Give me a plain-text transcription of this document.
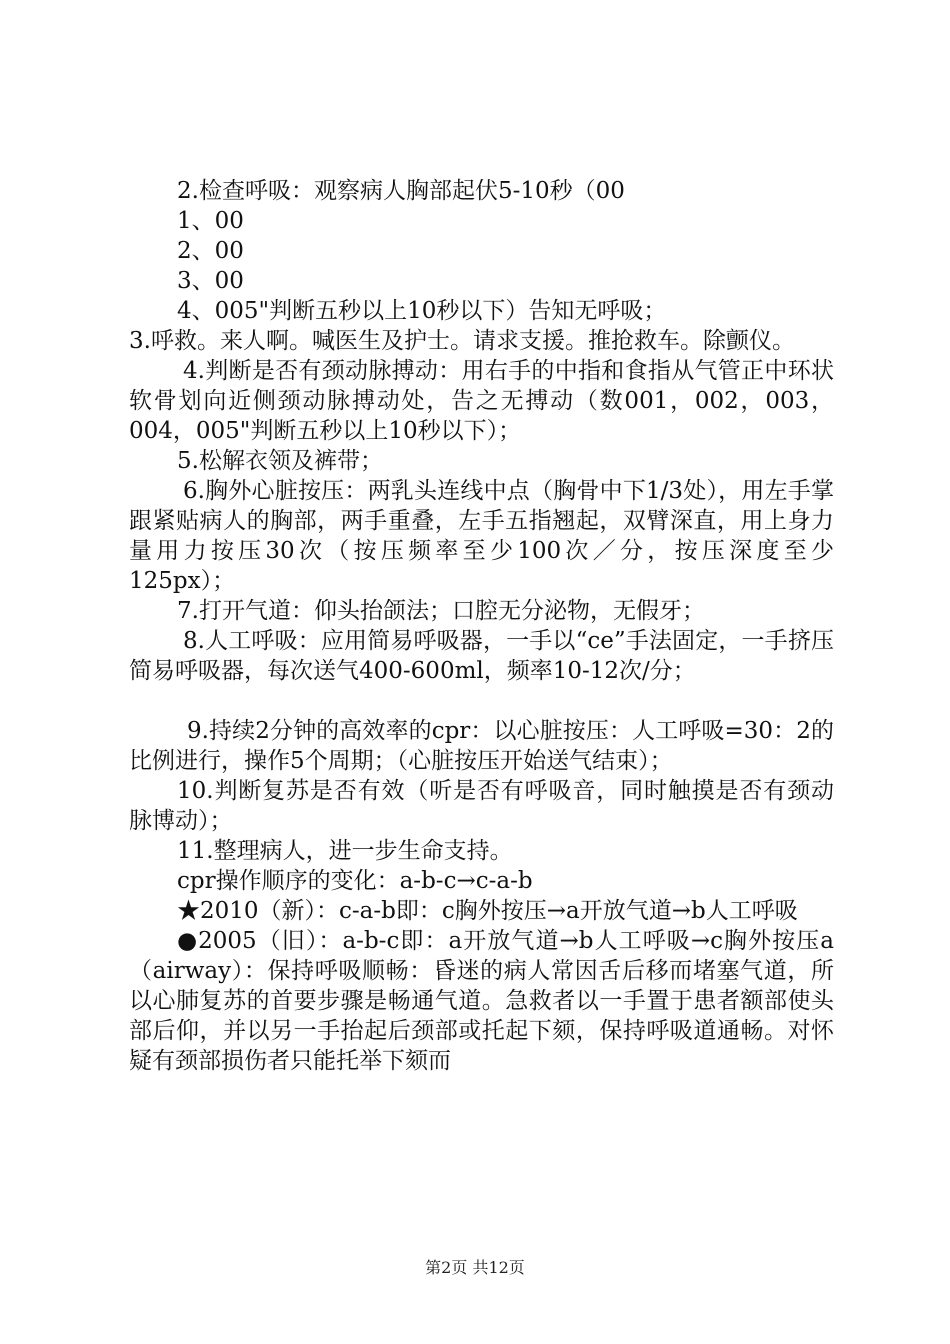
2.检查呼吸：观察病人胸部起伏5-10秒（00

1、00

2、00

3、00

4、005"判断五秒以上10秒以下）告知无呼吸；

3.呼救。来人啊。喊医生及护士。请求支援。推抢救车。除颤仪。

4.判断是否有颈动脉搏动：用右手的中指和食指从气管正中环状软骨划向近侧颈动脉搏动处，告之无搏动（数001，002，003，004，005"判断五秒以上10秒以下）；

5.松解衣领及裤带；

6.胸外心脏按压：两乳头连线中点（胸骨中下1/3处），用左手掌跟紧贴病人的胸部，两手重叠，左手五指翘起，双臂深直，用上身力量用力按压30次（按压频率至少100次／分，按压深度至少125px）；

7.打开气道：仰头抬颌法；口腔无分泌物，无假牙；

8.人工呼吸：应用简易呼吸器，一手以“ce”手法固定，一手挤压简易呼吸器，每次送气400-600ml，频率10-12次/分；

9.持续2分钟的高效率的cpr：以心脏按压：人工呼吸=30：2的比例进行，操作5个周期；（心脏按压开始送气结束）；

10.判断复苏是否有效（听是否有呼吸音，同时触摸是否有颈动脉博动）；

11.整理病人，进一步生命支持。

cpr操作顺序的变化：a-b-c→c-a-b

★2010（新）：c-a-b即：c胸外按压→a开放气道→b人工呼吸

●2005（旧）：a-b-c即：a开放气道→b人工呼吸→c胸外按压a（airway）：保持呼吸顺畅：昏迷的病人常因舌后移而堵塞气道，所以心肺复苏的首要步骤是畅通气道。急救者以一手置于患者额部使头部后仰，并以另一手抬起后颈部或托起下颏，保持呼吸道通畅。对怀疑有颈部损伤者只能托举下颏而

第2页 共12页
